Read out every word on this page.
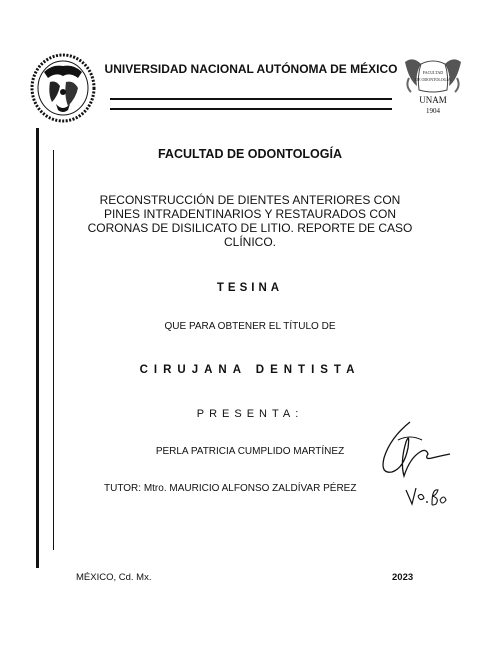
UNIVERSIDAD NACIONAL AUTÓNOMA DE MÉXICO	FACULTAD
DE ODONTOLOGÍA
UNAM
1904
FACULTAD DE ODONTOLOGÍA
RECONSTRUCCIÓN DE DIENTES ANTERIORES CON
PINES INTRADENTINARIOS Y RESTAURADOS CON
CORONAS DE DISILICATO DE LITIO. REPORTE DE CASO
CLÍNICO.
TESINA
QUE PARA OBTENER EL TÍTULO DE
CIRUJANA DENTISTA
PRESENTA:
PERLA PATRICIA CUMPLIDO MARTÍNEZ
TUTOR: Mtro. MAURICIO ALFONSO ZALDÍVAR PÉREZ
MÉXICO, Cd. Mx.	2023
